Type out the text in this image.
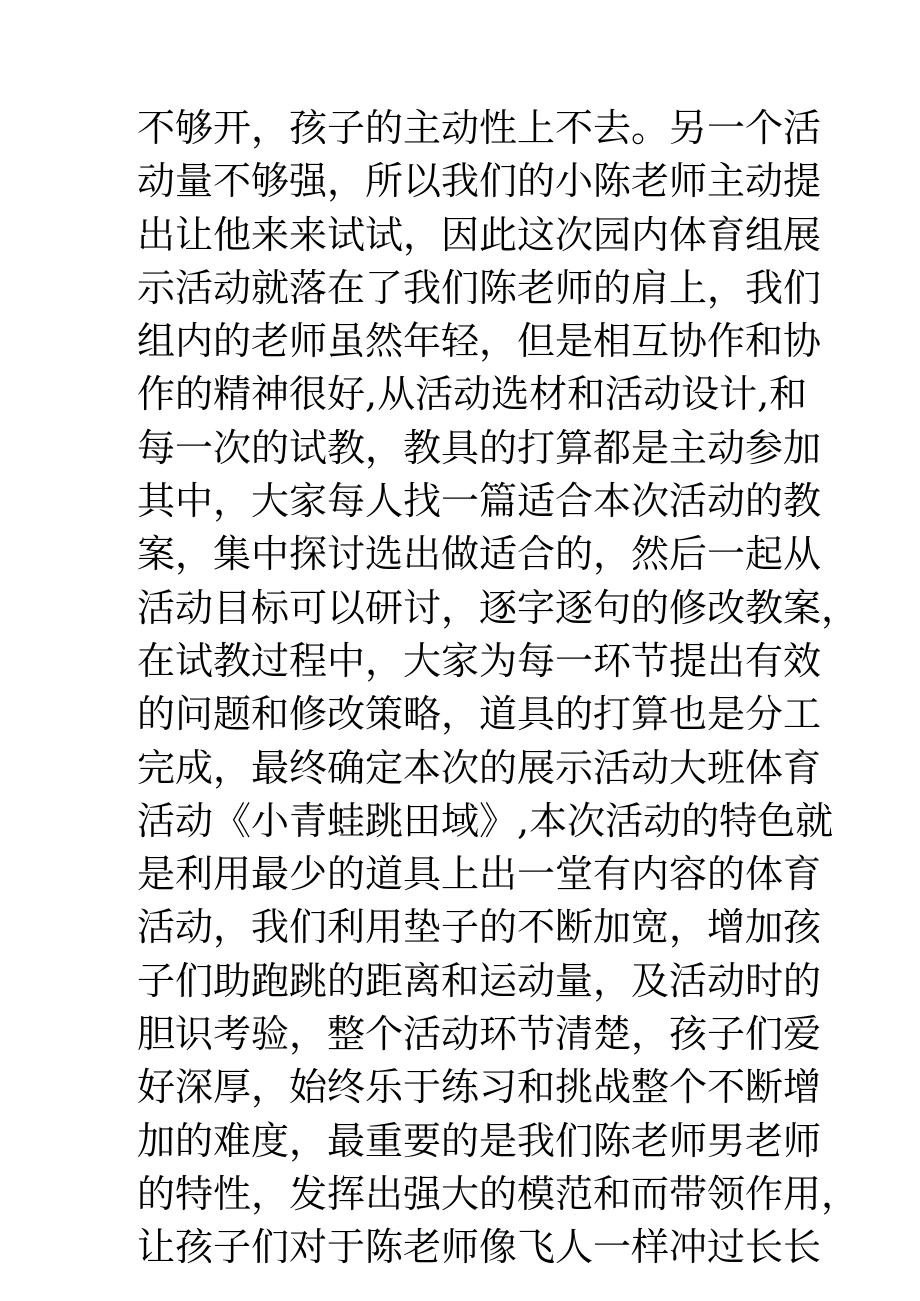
不够开，孩子的主动性上不去。另一个活
动量不够强，所以我们的小陈老师主动提
出让他来来试试，因此这次园内体育组展
示活动就落在了我们陈老师的肩上，我们
组内的老师虽然年轻，但是相互协作和协
作的精神很好,从活动选材和活动设计,和
每一次的试教，教具的打算都是主动参加
其中，大家每人找一篇适合本次活动的教
案，集中探讨选出做适合的，然后一起从
活动目标可以研讨，逐字逐句的修改教案，
在试教过程中，大家为每一环节提出有效
的问题和修改策略，道具的打算也是分工
完成，最终确定本次的展示活动大班体育
活动《小青蛙跳田域》,本次活动的特色就
是利用最少的道具上出一堂有内容的体育
活动，我们利用垫子的不断加宽，增加孩
子们助跑跳的距离和运动量，及活动时的
胆识考验，整个活动环节清楚，孩子们爱
好深厚，始终乐于练习和挑战整个不断增
加的难度，最重要的是我们陈老师男老师
的特性，发挥出强大的模范和而带领作用，
让孩子们对于陈老师像飞人一样冲过长长
